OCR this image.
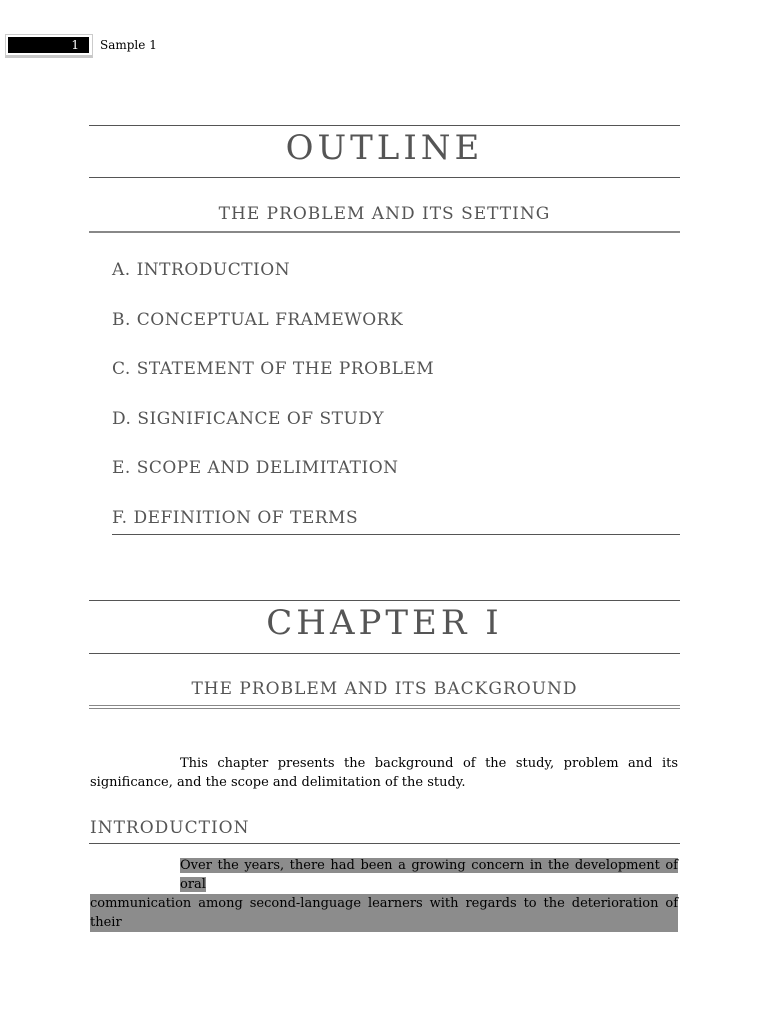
1	Sample 1
OUTLINE
THE PROBLEM AND ITS SETTING
A. INTRODUCTION
B. CONCEPTUAL FRAMEWORK
C. STATEMENT OF THE PROBLEM
D. SIGNIFICANCE OF STUDY
E. SCOPE AND DELIMITATION
F. DEFINITION OF TERMS
CHAPTER I
THE PROBLEM AND ITS BACKGROUND
This chapter presents the background of the study, problem and its significance, and the scope and delimitation of the study.
INTRODUCTION
Over the years, there had been a growing concern in the development of oral
communication among second-language learners with regards to the deterioration of their
